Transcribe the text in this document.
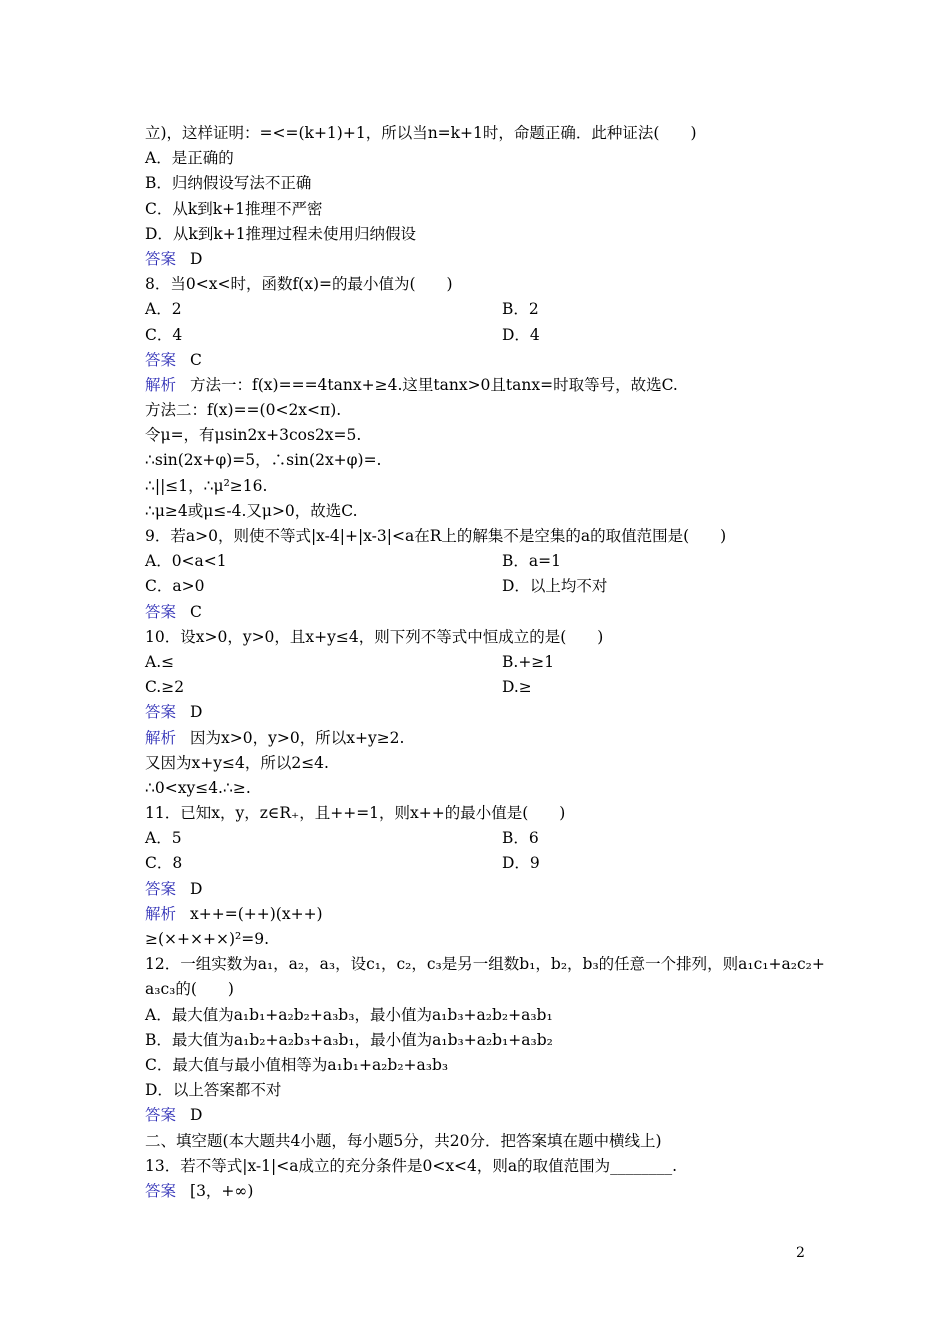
立)，这样证明：=<=(k+1)+1，所以当n=k+1时，命题正确．此种证法(　　)
A．是正确的
B．归纳假设写法不正确
C．从k到k+1推理不严密
D．从k到k+1推理过程未使用归纳假设
答案 D
8．当0<x<时，函数f(x)=的最小值为(　　)
A．2	B．2
C．4	D．4
答案 C
解析 方法一：f(x)===4tanx+≥4.这里tanx>0且tanx=时取等号，故选C.
方法二：f(x)==(0<2x<π).
令μ=，有μsin2x+3cos2x=5.
∴sin(2x+φ)=5，∴sin(2x+φ)=.
∴||≤1，∴μ²≥16.
∴μ≥4或μ≤-4.又μ>0，故选C.
9．若a>0，则使不等式|x-4|+|x-3|<a在R上的解集不是空集的a的取值范围是(　　)
A．0<a<1	B．a=1
C．a>0	D．以上均不对
答案 C
10．设x>0，y>0，且x+y≤4，则下列不等式中恒成立的是(　　)
A.≤	B.+≥1
C.≥2	D.≥
答案 D
解析 因为x>0，y>0，所以x+y≥2.
又因为x+y≤4，所以2≤4.
∴0<xy≤4.∴≥.
11．已知x，y，z∈R₊，且++=1，则x++的最小值是(　　)
A．5	B．6
C．8	D．9
答案 D
解析 x++=(++)(x++)
≥(×+×+×)²=9.
12．一组实数为a₁，a₂，a₃，设c₁，c₂，c₃是另一组数b₁，b₂，b₃的任意一个排列，则a₁c₁+a₂c₂+
a₃c₃的(　　)
A．最大值为a₁b₁+a₂b₂+a₃b₃，最小值为a₁b₃+a₂b₂+a₃b₁
B．最大值为a₁b₂+a₂b₃+a₃b₁，最小值为a₁b₃+a₂b₁+a₃b₂
C．最大值与最小值相等为a₁b₁+a₂b₂+a₃b₃
D．以上答案都不对
答案 D
二、填空题(本大题共4小题，每小题5分，共20分．把答案填在题中横线上)
13．若不等式|x-1|<a成立的充分条件是0<x<4，则a的取值范围为________.
答案 [3，+∞)
2
